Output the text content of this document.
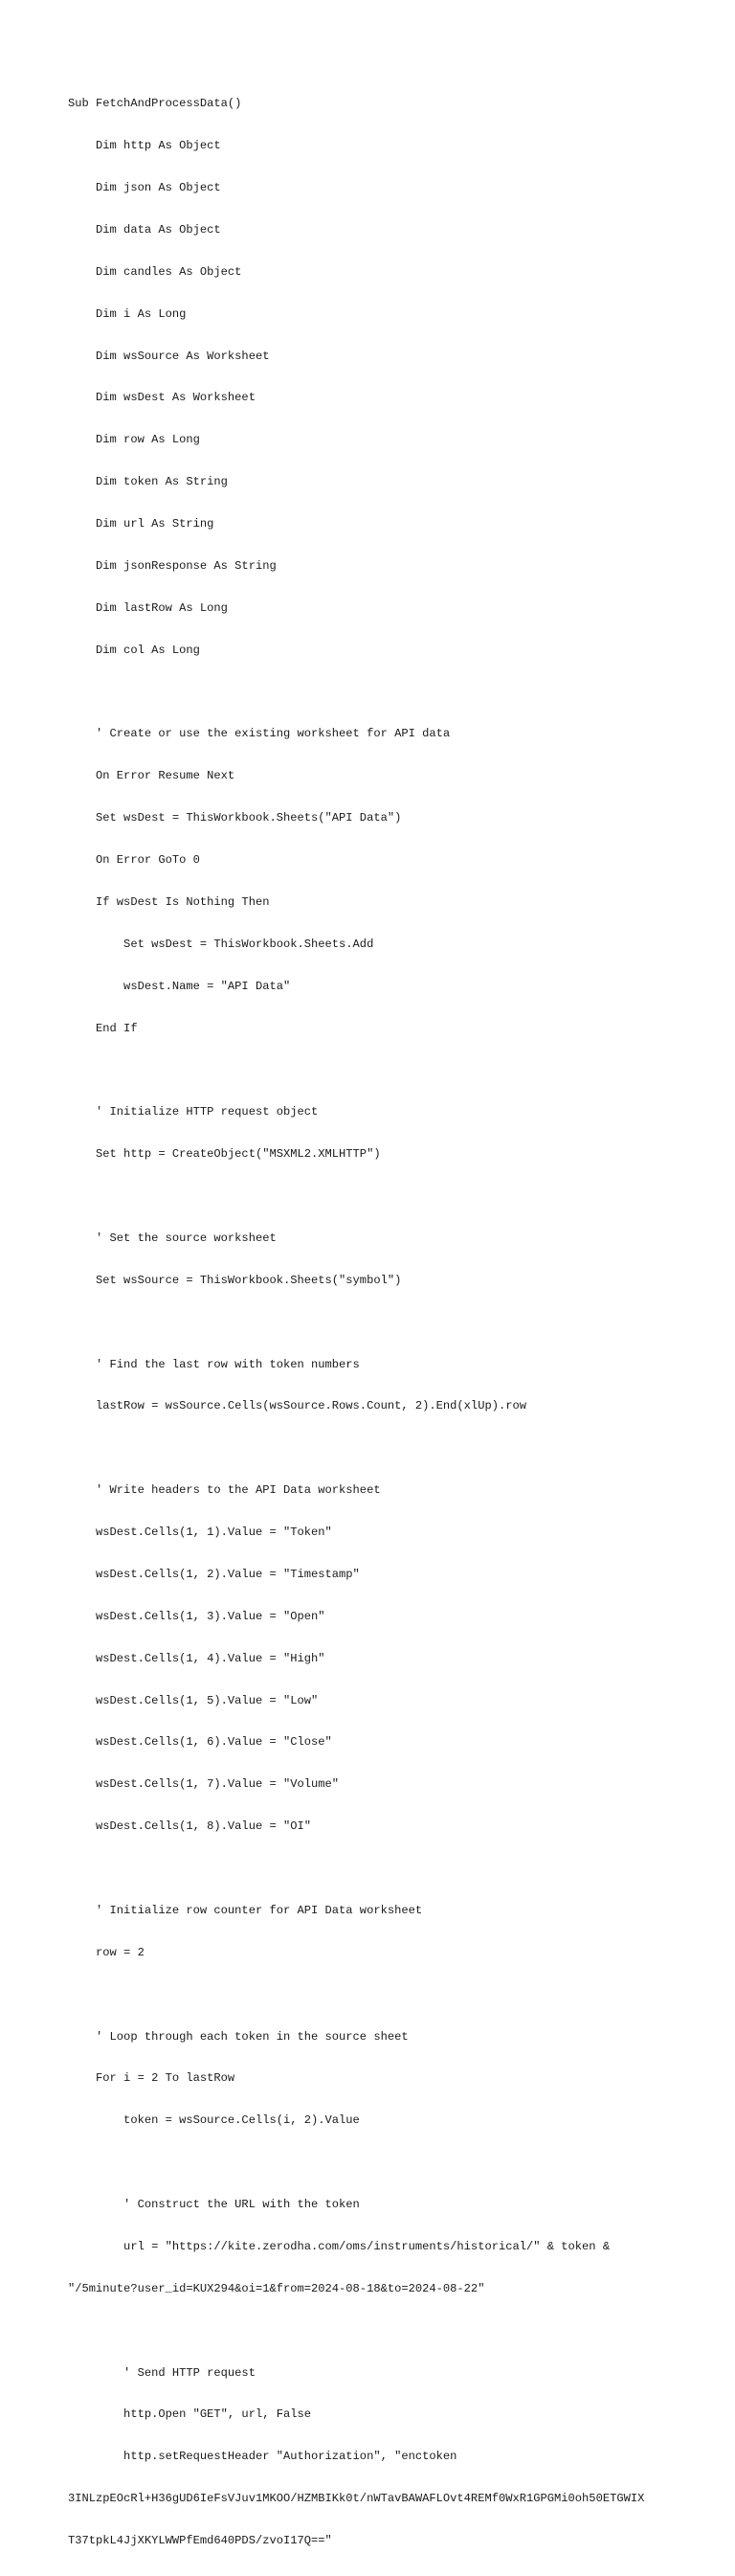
Sub FetchAndProcessData()

Dim http As Object

Dim json As Object

Dim data As Object

Dim candles As Object

Dim i As Long

Dim wsSource As Worksheet

Dim wsDest As Worksheet

Dim row As Long

Dim token As String

Dim url As String

Dim jsonResponse As String

Dim lastRow As Long

Dim col As Long

' Create or use the existing worksheet for API data

On Error Resume Next

Set wsDest = ThisWorkbook.Sheets("API Data")

On Error GoTo 0

If wsDest Is Nothing Then

Set wsDest = ThisWorkbook.Sheets.Add

wsDest.Name = "API Data"

End If

' Initialize HTTP request object

Set http = CreateObject("MSXML2.XMLHTTP")

' Set the source worksheet

Set wsSource = ThisWorkbook.Sheets("symbol")

' Find the last row with token numbers

lastRow = wsSource.Cells(wsSource.Rows.Count, 2).End(xlUp).row

' Write headers to the API Data worksheet

wsDest.Cells(1, 1).Value = "Token"

wsDest.Cells(1, 2).Value = "Timestamp"

wsDest.Cells(1, 3).Value = "Open"

wsDest.Cells(1, 4).Value = "High"

wsDest.Cells(1, 5).Value = "Low"

wsDest.Cells(1, 6).Value = "Close"

wsDest.Cells(1, 7).Value = "Volume"

wsDest.Cells(1, 8).Value = "OI"

' Initialize row counter for API Data worksheet

row = 2

' Loop through each token in the source sheet

For i = 2 To lastRow

token = wsSource.Cells(i, 2).Value

' Construct the URL with the token

url = "https://kite.zerodha.com/oms/instruments/historical/" & token &

"/5minute?user_id=KUX294&oi=1&from=2024-08-18&to=2024-08-22"

' Send HTTP request

http.Open "GET", url, False

http.setRequestHeader "Authorization", "enctoken

3INLzpEOcRl+H36gUD6IeFsVJuv1MKOO/HZMBIKk0t/nWTavBAWAFLOvt4REMf0WxR1GPGMi0oh50ETGWIX

T37tpkL4JjXKYLWWPfEmd640PDS/zvoI17Q=="
